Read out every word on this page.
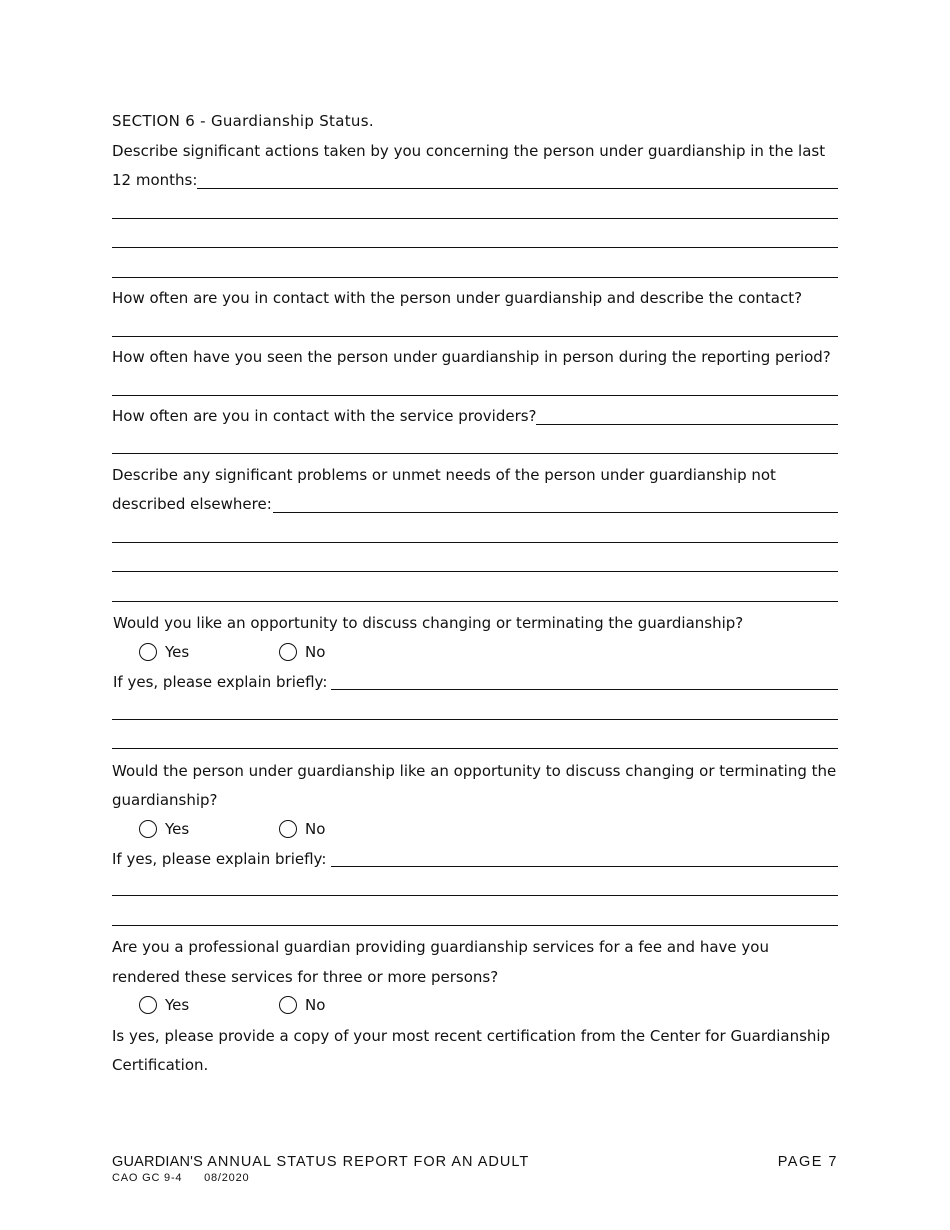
SECTION 6 - Guardianship Status.
Describe significant actions taken by you concerning the person under guardianship in the last
12 months:
How often are you in contact with the person under guardianship and describe the contact?
How often have you seen the person under guardianship in person during the reporting period?
How often are you in contact with the service providers?
Describe any significant problems or unmet needs of the person under guardianship not
described elsewhere:
Would you like an opportunity to discuss changing or terminating the guardianship?
Yes	No
If yes, please explain briefly:
Would the person under guardianship like an opportunity to discuss changing or terminating the
guardianship?
Yes	No
If yes, please explain briefly:
Are you a professional guardian providing guardianship services for a fee and have you
rendered these services for three or more persons?
Yes	No
Is yes, please provide a copy of your most recent certification from the Center for Guardianship
Certification.
GUARDIAN'S ANNUAL STATUS REPORT FOR AN ADULT	PAGE 7
CAO GC 9-4 08/2020
